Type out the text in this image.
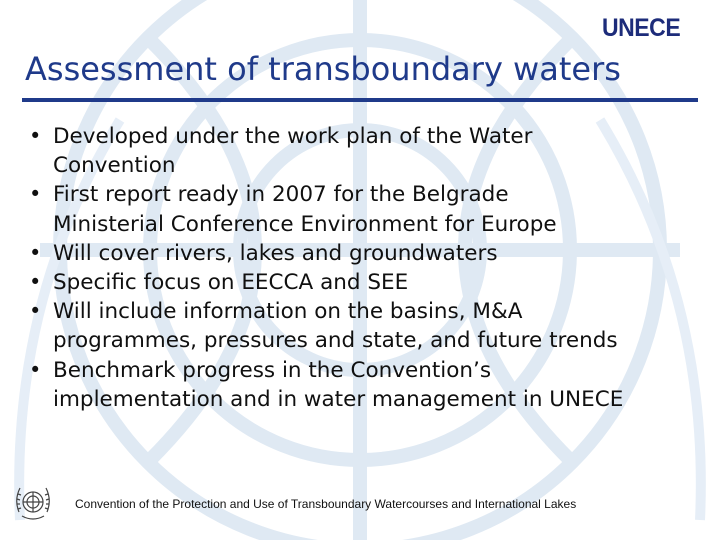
UNECE
Assessment of transboundary waters
• Developed under the work plan of the Water
Convention
• First report ready in 2007 for the Belgrade
Ministerial Conference Environment for Europe
• Will cover rivers, lakes and groundwaters
• Specific focus on EECCA and SEE
• Will include information on the basins, M&A
programmes, pressures and state, and future trends
• Benchmark progress in the Convention’s
implementation and in water management in UNECE
Convention of the Protection and Use of Transboundary Watercourses and International Lakes
